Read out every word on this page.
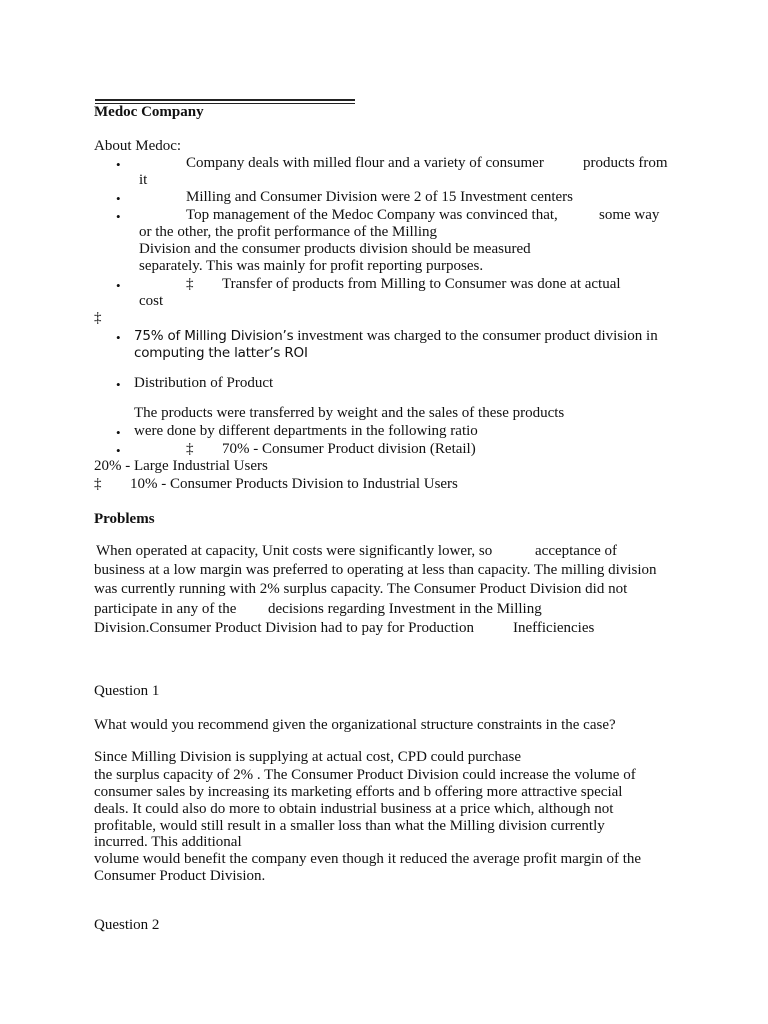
Medoc Company
About Medoc:
•	Company deals with milled flour and a variety of consumer	products from
it
•	Milling and Consumer Division were 2 of 15 Investment centers
•	Top management of the Medoc Company was convinced that,	some way
or the other, the profit performance of the Milling
Division and the consumer products division should be measured
separately. This was mainly for profit reporting purposes.
•	‡ Transfer of products from Milling to Consumer was done at actual
cost
‡
• 75% of Milling Division’s investment was charged to the consumer product division in
computing the latter’s ROI
• Distribution of Product
The products were transferred by weight and the sales of these products
• were done by different departments in the following ratio
•	‡ 70% - Consumer Product division (Retail)
20% - Large Industrial Users
‡ 10% - Consumer Products Division to Industrial Users
Problems
When operated at capacity, Unit costs were significantly lower, so	acceptance of
business at a low margin was preferred to operating at less than capacity. The milling division
was currently running with 2% surplus capacity. The Consumer Product Division did not
participate in any of the decisions regarding Investment in the Milling
Division.Consumer Product Division had to pay for Production	Inefficiencies
Question 1
What would you recommend given the organizational structure constraints in the case?
Since Milling Division is supplying at actual cost, CPD could purchase
the surplus capacity of 2% . The Consumer Product Division could increase the volume of
consumer sales by increasing its marketing efforts and b offering more attractive special
deals. It could also do more to obtain industrial business at a price which, although not
profitable, would still result in a smaller loss than what the Milling division currently
incurred. This additional
volume would benefit the company even though it reduced the average profit margin of the
Consumer Product Division.
Question 2
